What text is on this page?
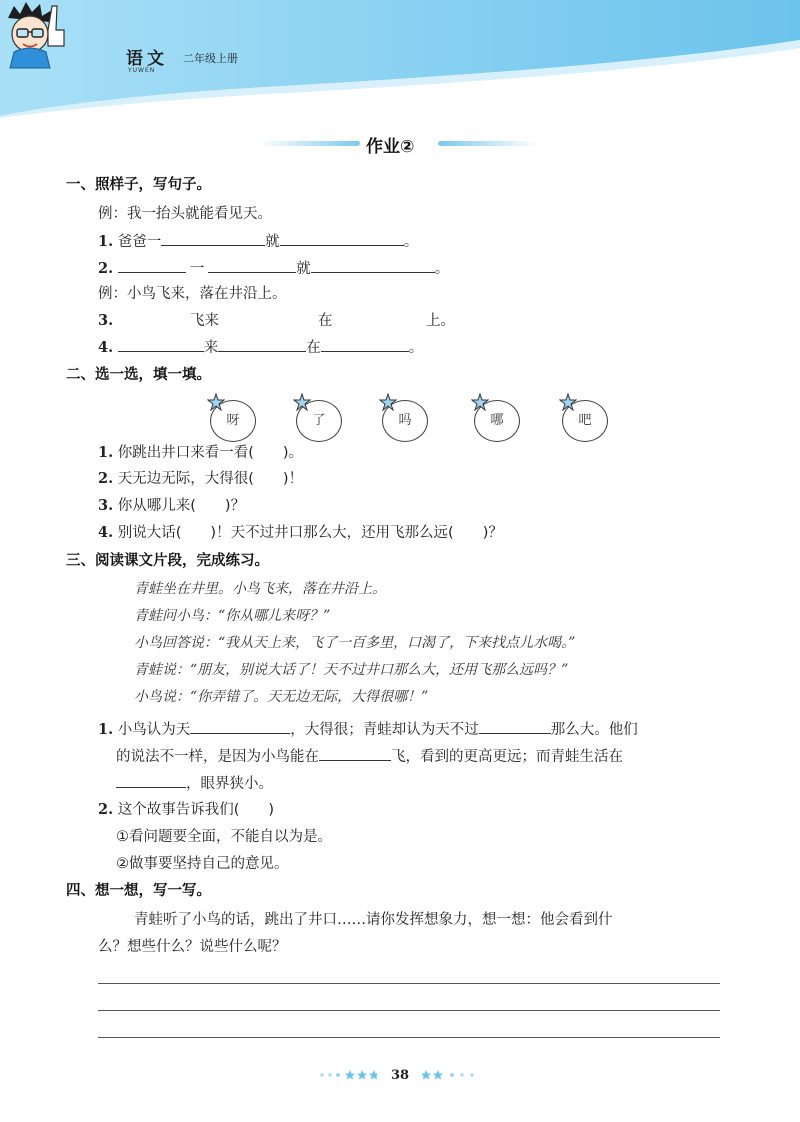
语文
YUWEN
二年级上册
作业②
一、照样子，写句子。
例：我一抬头就能看见天。
1. 爸爸一	就	。
2.	一	就	。
例：小鸟飞来，落在井沿上。
3.	飞来	在	上。
4.	来	在	。
二、选一选，填一填。
呀	了	吗	哪	吧
1. 你跳出井口来看一看(　　)。
2. 天无边无际，大得很(　　)！
3. 你从哪儿来(　　)？
4. 别说大话(　　)！天不过井口那么大，还用飞那么远(　　)？
三、阅读课文片段，完成练习。
青蛙坐在井里。小鸟飞来，落在井沿上。
青蛙问小鸟：“你从哪儿来呀？”
小鸟回答说：“我从天上来，飞了一百多里，口渴了，下来找点儿水喝。”
青蛙说：“朋友，别说大话了！天不过井口那么大，还用飞那么远吗？”
小鸟说：“你弄错了。天无边无际，大得很哪！”
1. 小鸟认为天	，大得很；青蛙却认为天不过	那么大。他们
的说法不一样，是因为小鸟能在	飞，看到的更高更远；而青蛙生活在
，眼界狭小。
2. 这个故事告诉我们(　　)
①看问题要全面，不能自以为是。
②做事要坚持自己的意见。
四、想一想，写一写。
青蛙听了小鸟的话，跳出了井口……请你发挥想象力，想一想：他会看到什
么？想些什么？说些什么呢？
38
